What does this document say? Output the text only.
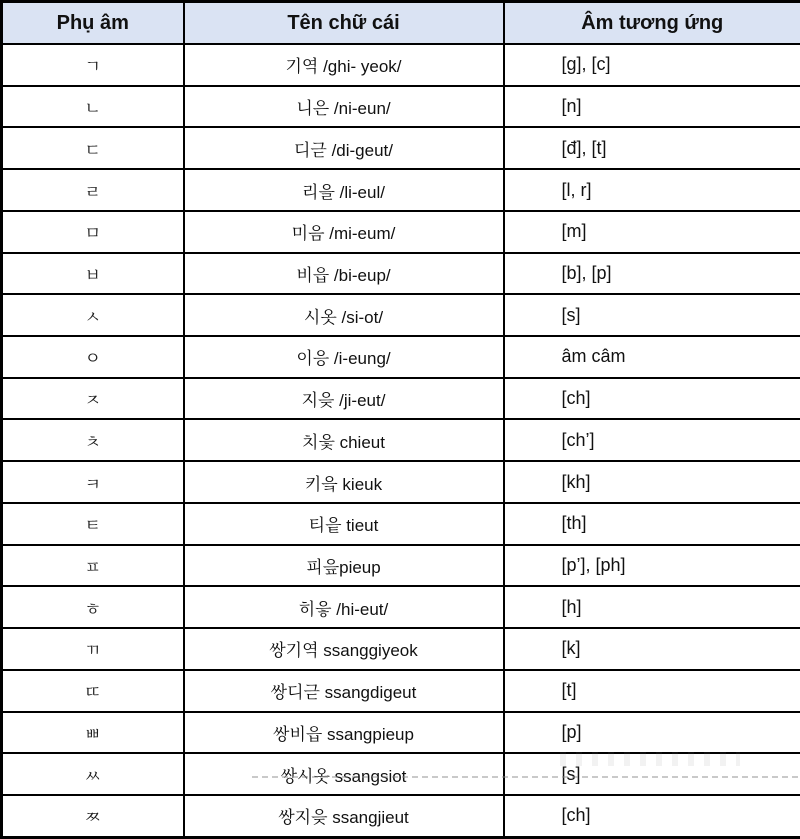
Phụ âm	Tên chữ cái	Âm tương ứng
ㄱ	기역 /ghi- yeok/	[g], [c]
ㄴ	니은 /ni-eun/	[n]
ㄷ	디귿 /di-geut/	[đ], [t]
ㄹ	리을 /li-eul/	[l, r]
ㅁ	미음 /mi-eum/	[m]
ㅂ	비읍 /bi-eup/	[b], [p]
ㅅ	시옷 /si-ot/	[s]
ㅇ	이응 /i-eung/	âm câm
ㅈ	지읒 /ji-eut/	[ch]
ㅊ	치읓 chieut	[ch’]
ㅋ	키읔 kieuk	[kh]
ㅌ	티읕 tieut	[th]
ㅍ	피읖pieup	[p’], [ph]
ㅎ	히읗 /hi-eut/	[h]
ㄲ	쌍기역 ssanggiyeok	[k]
ㄸ	쌍디귿 ssangdigeut	[t]
ㅃ	쌍비읍 ssangpieup	[p]
ㅆ	쌍시옷 ssangsiot	[s]
ㅉ	쌍지읒 ssangjieut	[ch]
